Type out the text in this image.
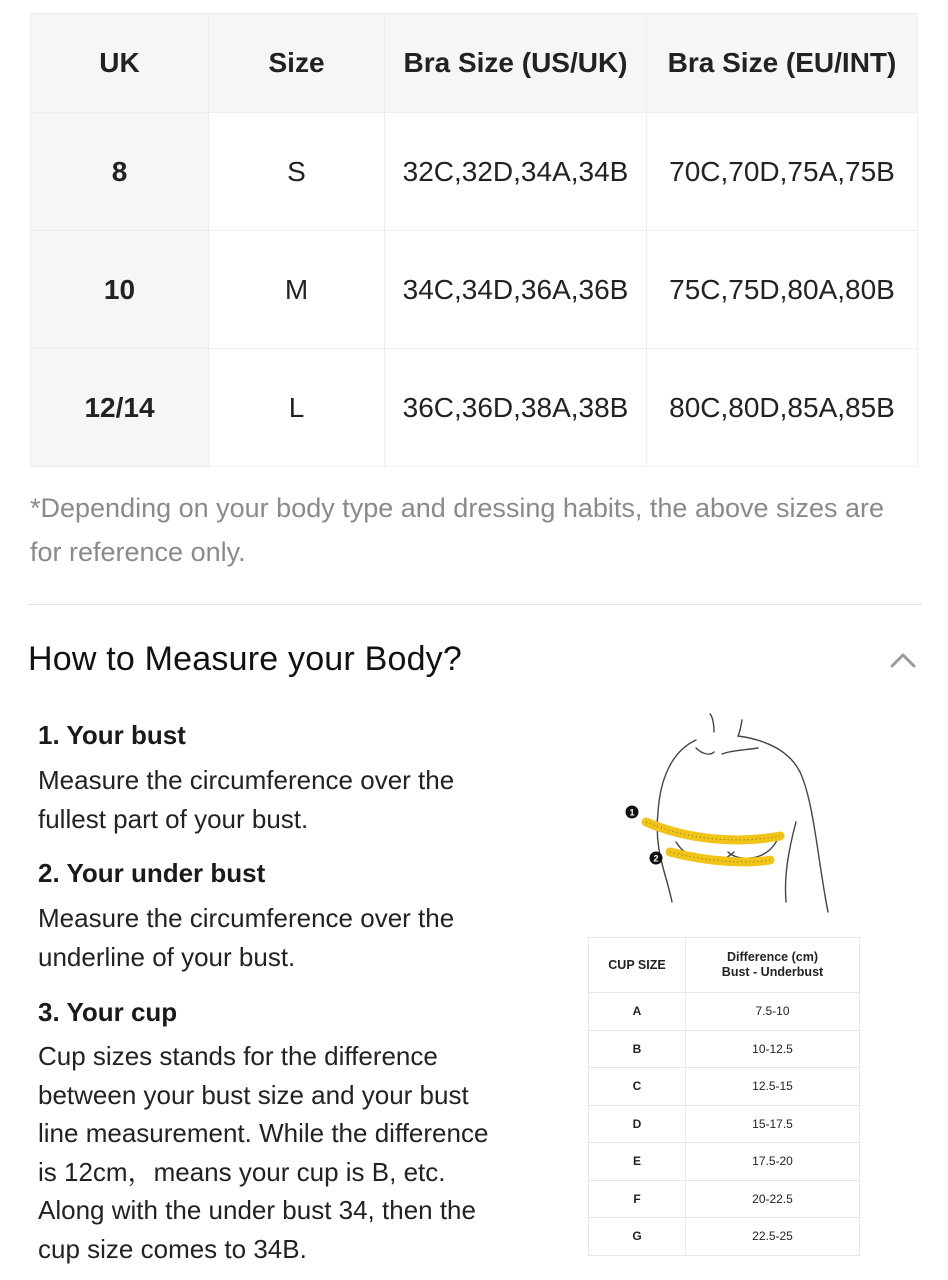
UK	Size	Bra Size (US/UK)	Bra Size (EU/INT)
8	S	32C,32D,34A,34B	70C,70D,75A,75B
10	M	34C,34D,36A,36B	75C,75D,80A,80B
12/14	L	36C,36D,38A,38B	80C,80D,85A,85B
*Depending on your body type and dressing habits, the above sizes are for reference only.
How to Measure your Body?
1. Your bust
Measure the circumference over the fullest part of your bust.
2. Your under bust
Measure the circumference over the underline of your bust.
3. Your cup
Cup sizes stands for the difference between your bust size and your bust line measurement. While the difference is 12cm，means your cup is B, etc. Along with the under bust 34, then the cup size comes to 34B.
1
2
CUP SIZE	Difference (cm)
Bust - Underbust

A	7.5-10
B	10-12.5
C	12.5-15
D	15-17.5
E	17.5-20
F	20-22.5
G	22.5-25
